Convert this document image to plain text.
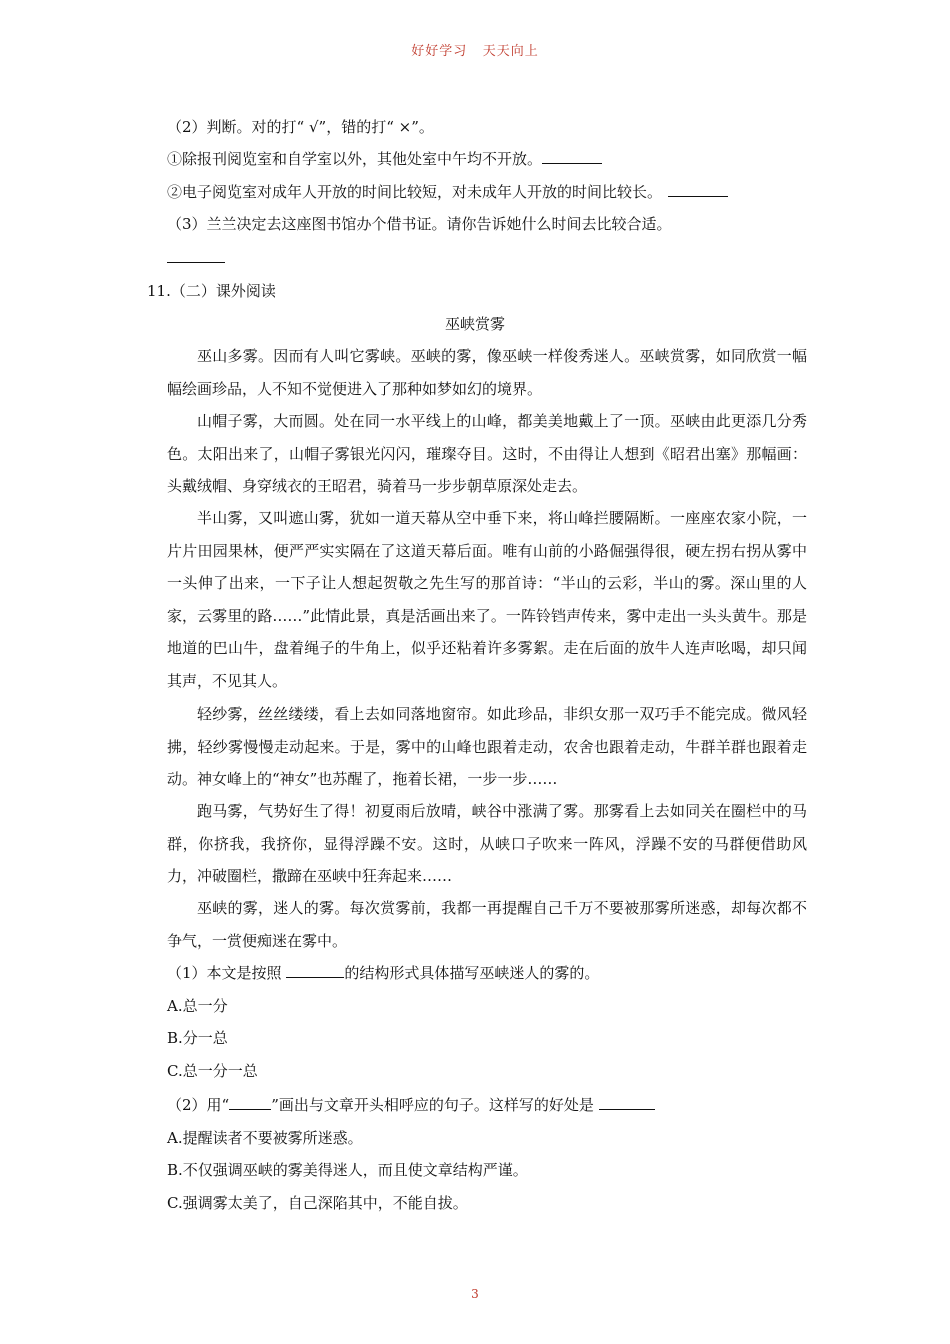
好好学习   天天向上
（2）判断。对的打“ √”，错的打“ ×”。
①除报刊阅览室和自学室以外，其他处室中午均不开放。
②电子阅览室对成年人开放的时间比较短，对未成年人开放的时间比较长。
（3）兰兰决定去这座图书馆办个借书证。请你告诉她什么时间去比较合适。
11.（二）课外阅读
巫峡赏雾
巫山多雾。因而有人叫它雾峡。巫峡的雾，像巫峡一样俊秀迷人。巫峡赏雾，如同欣赏一幅幅绘画珍品，人不知不觉便进入了那种如梦如幻的境界。
山帽子雾，大而圆。处在同一水平线上的山峰，都美美地戴上了一顶。巫峡由此更添几分秀色。太阳出来了，山帽子雾银光闪闪，璀璨夺目。这时，不由得让人想到《昭君出塞》那幅画：头戴绒帽、身穿绒衣的王昭君，骑着马一步步朝草原深处走去。
半山雾，又叫遮山雾，犹如一道天幕从空中垂下来，将山峰拦腰隔断。一座座农家小院，一片片田园果林，便严严实实隔在了这道天幕后面。唯有山前的小路倔强得很，硬左拐右拐从雾中一头伸了出来，一下子让人想起贺敬之先生写的那首诗：“半山的云彩，半山的雾。深山里的人家，云雾里的路……”此情此景，真是活画出来了。一阵铃铛声传来，雾中走出一头头黄牛。那是地道的巴山牛，盘着绳子的牛角上，似乎还粘着许多雾絮。走在后面的放牛人连声吆喝，却只闻其声，不见其人。
轻纱雾，丝丝缕缕，看上去如同落地窗帘。如此珍品，非织女那一双巧手不能完成。微风轻拂，轻纱雾慢慢走动起来。于是，雾中的山峰也跟着走动，农舍也跟着走动，牛群羊群也跟着走动。神女峰上的“神女”也苏醒了，拖着长裙，一步一步……
跑马雾，气势好生了得！初夏雨后放晴，峡谷中涨满了雾。那雾看上去如同关在圈栏中的马群，你挤我，我挤你，显得浮躁不安。这时，从峡口子吹来一阵风，浮躁不安的马群便借助风力，冲破圈栏，撒蹄在巫峡中狂奔起来……
巫峡的雾，迷人的雾。每次赏雾前，我都一再提醒自己千万不要被那雾所迷惑，却每次都不争气，一赏便痴迷在雾中。
（1）本文是按照	的结构形式具体描写巫峡迷人的雾的。
A.总一分
B.分一总
C.总一分一总
（2）用“	”画出与文章开头相呼应的句子。这样写的好处是
A.提醒读者不要被雾所迷惑。
B.不仅强调巫峡的雾美得迷人，而且使文章结构严谨。
C.强调雾太美了，自己深陷其中，不能自拔。
3
